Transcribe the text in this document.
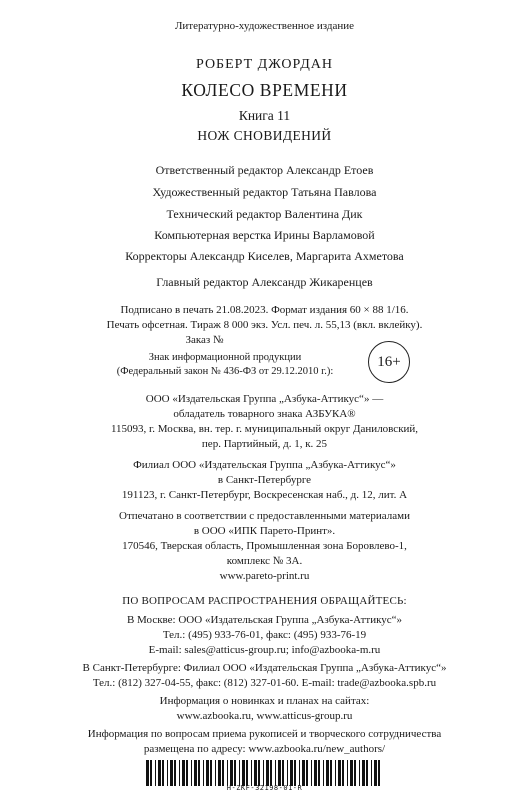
Литературно-художественное издание
РОБЕРТ ДЖОРДАН
КОЛЕСО ВРЕМЕНИ
Книга 11
НОЖ СНОВИДЕНИЙ
Ответственный редактор Александр Етоев
Художественный редактор Татьяна Павлова
Технический редактор Валентина Дик
Компьютерная верстка Ирины Варламовой
Корректоры Александр Киселев, Маргарита Ахметова
Главный редактор Александр Жикаренцев
Подписано в печать 21.08.2023. Формат издания 60 × 88 1/16.
Печать офсетная. Тираж 8 000 экз. Усл. печ. л. 55,13 (вкл. вклейку).
Заказ №
Знак информационной продукции
(Федеральный закон № 436-ФЗ от 29.12.2010 г.):
16+
ООО «Издательская Группа „Азбука-Аттикус“» —
обладатель товарного знака АЗБУКА®
115093, г. Москва, вн. тер. г. муниципальный округ Даниловский,
пер. Партийный, д. 1, к. 25
Филиал ООО «Издательская Группа „Азбука-Аттикус“»
в Санкт-Петербурге
191123, г. Санкт-Петербург, Воскресенская наб., д. 12, лит. А
Отпечатано в соответствии с предоставленными материалами
в ООО «ИПК Парето-Принт».
170546, Тверская область, Промышленная зона Боровлево-1,
комплекс № 3А.
www.pareto-print.ru
ПО ВОПРОСАМ РАСПРОСТРАНЕНИЯ ОБРАЩАЙТЕСЬ:
В Москве: ООО «Издательская Группа „Азбука-Аттикус“»
Тел.: (495) 933-76-01, факс: (495) 933-76-19
E-mail: sales@atticus-group.ru; info@azbooka-m.ru
В Санкт-Петербурге: Филиал ООО «Издательская Группа „Азбука-Аттикус“»
Тел.: (812) 327-04-55, факс: (812) 327-01-60. E-mail: trade@azbooka.spb.ru
Информация о новинках и планах на сайтах:
www.azbooka.ru, www.atticus-group.ru
Информация по вопросам приема рукописей и творческого сотрудничества
размещена по адресу: www.azbooka.ru/new_authors/
H-ZKF-32198-01-R
